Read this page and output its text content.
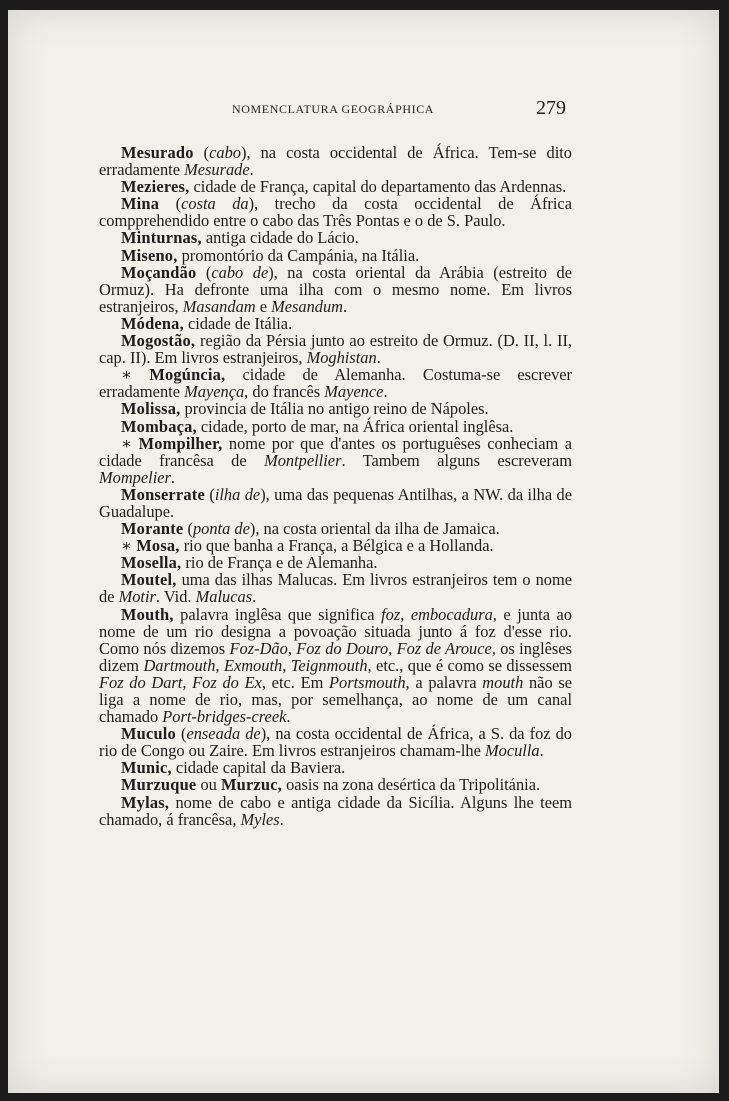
NOMENCLATURA GEOGRÁPHICA	279
Mesurado (cabo), na costa occidental de África. Tem-se dito erradamente Mesurade.
Mezieres, cidade de França, capital do departamento das Ardennas.
Mina (costa da), trecho da costa occidental de África compprehendido entre o cabo das Três Pontas e o de S. Paulo.
Minturnas, antiga cidade do Lácio.
Miseno, promontório da Campánia, na Itália.
Moçandão (cabo de), na costa oriental da Arábia (estreito de Ormuz). Ha defronte uma ilha com o mesmo nome. Em livros estranjeiros, Masandam e Mesandum.
Módena, cidade de Itália.
Mogostão, região da Pérsia junto ao estreito de Ormuz. (D. II, l. II, cap. II). Em livros estranjeiros, Moghistan.
∗ Mogúncia, cidade de Alemanha. Costuma-se escrever erradamente Mayença, do francês Mayence.
Molissa, provincia de Itália no antigo reino de Nápoles.
Mombaça, cidade, porto de mar, na África oriental inglêsa.
∗ Mompilher, nome por que d'antes os portuguêses conheciam a cidade francêsa de Montpellier. Tambem alguns escreveram Mompelier.
Monserrate (ilha de), uma das pequenas Antilhas, a NW. da ilha de Guadalupe.
Morante (ponta de), na costa oriental da ilha de Jamaica.
∗ Mosa, rio que banha a França, a Bélgica e a Hollanda.
Mosella, rio de França e de Alemanha.
Moutel, uma das ilhas Malucas. Em livros estranjeiros tem o nome de Motir. Vid. Malucas.
Mouth, palavra inglêsa que significa foz, embocadura, e junta ao nome de um rio designa a povoação situada junto á foz d'esse rio. Como nós dizemos Foz-Dão, Foz do Douro, Foz de Arouce, os inglêses dizem Dartmouth, Exmouth, Teignmouth, etc., que é como se dissessem Foz do Dart, Foz do Ex, etc. Em Portsmouth, a palavra mouth não se liga a nome de rio, mas, por semelhança, ao nome de um canal chamado Port-bridges-creek.
Muculo (enseada de), na costa occidental de África, a S. da foz do rio de Congo ou Zaire. Em livros estranjeiros chamam-lhe Moculla.
Munic, cidade capital da Baviera.
Murzuque ou Murzuc, oasis na zona desértica da Tripolitánia.
Mylas, nome de cabo e antiga cidade da Sicília. Alguns lhe teem chamado, á francêsa, Myles.
